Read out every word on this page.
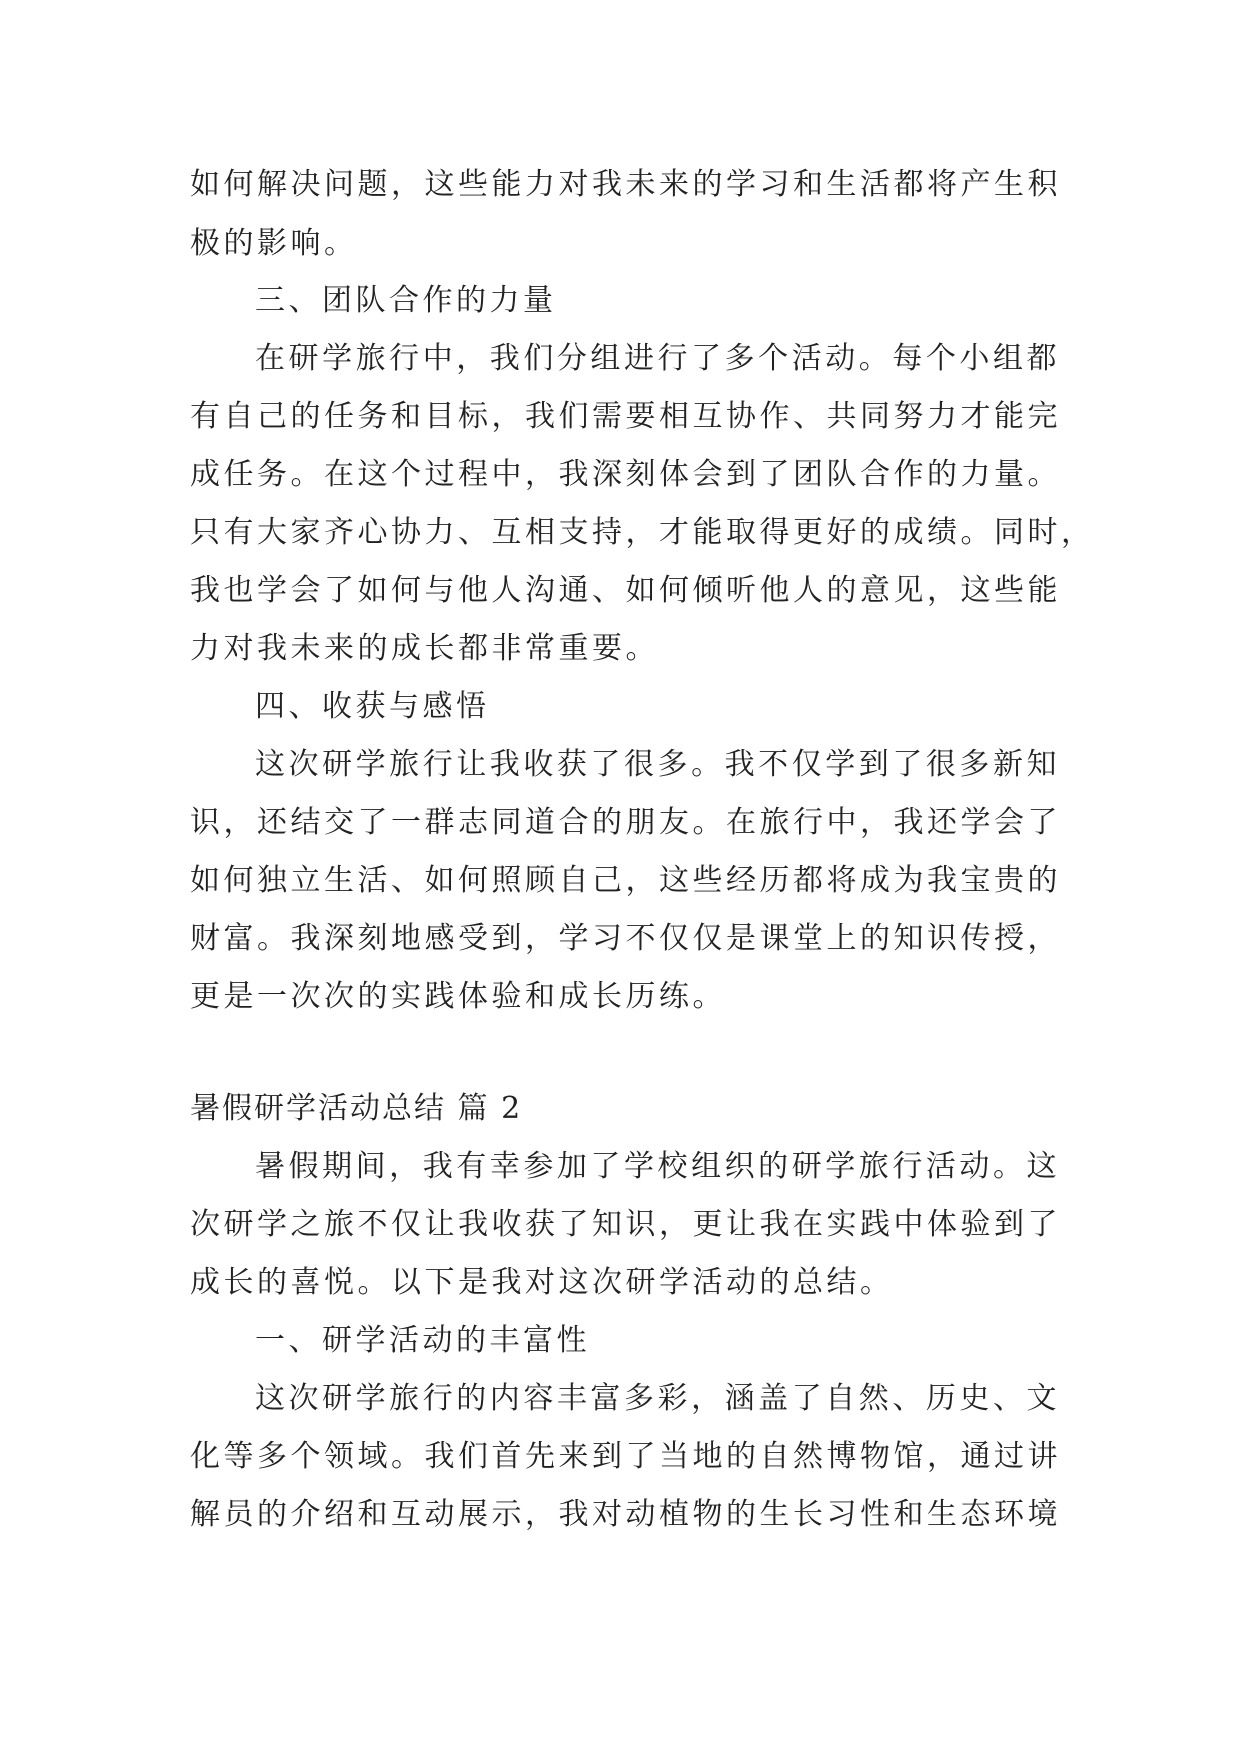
如何解决问题，这些能力对我未来的学习和生活都将产生积
极的影响。
三、团队合作的力量
在研学旅行中，我们分组进行了多个活动。每个小组都
有自己的任务和目标，我们需要相互协作、共同努力才能完
成任务。在这个过程中，我深刻体会到了团队合作的力量。
只有大家齐心协力、互相支持，才能取得更好的成绩。同时，
我也学会了如何与他人沟通、如何倾听他人的意见，这些能
力对我未来的成长都非常重要。
四、收获与感悟
这次研学旅行让我收获了很多。我不仅学到了很多新知
识，还结交了一群志同道合的朋友。在旅行中，我还学会了
如何独立生活、如何照顾自己，这些经历都将成为我宝贵的
财富。我深刻地感受到，学习不仅仅是课堂上的知识传授，
更是一次次的实践体验和成长历练。
暑假研学活动总结 篇 2
暑假期间，我有幸参加了学校组织的研学旅行活动。这
次研学之旅不仅让我收获了知识，更让我在实践中体验到了
成长的喜悦。以下是我对这次研学活动的总结。
一、研学活动的丰富性
这次研学旅行的内容丰富多彩，涵盖了自然、历史、文
化等多个领域。我们首先来到了当地的自然博物馆，通过讲
解员的介绍和互动展示，我对动植物的生长习性和生态环境
